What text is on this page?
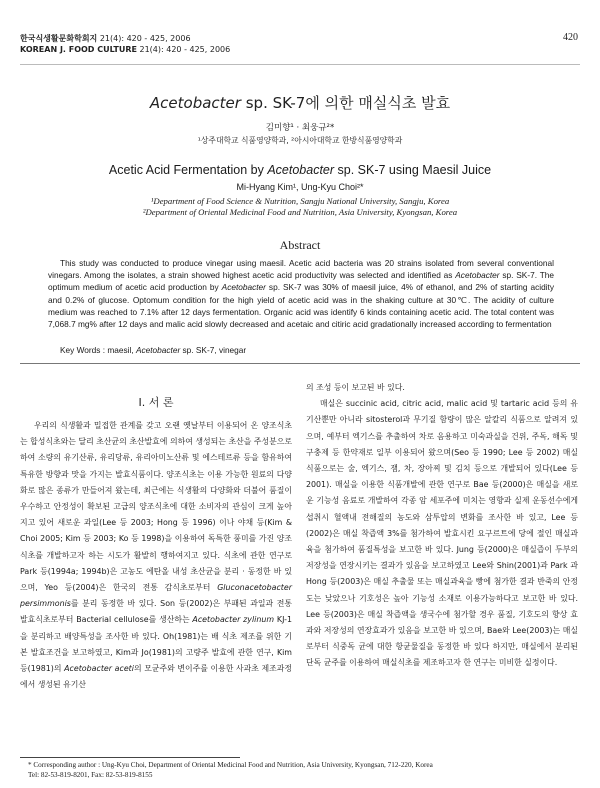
한국식생활문화학회지 21(4): 420 - 425, 2006
KOREAN J. FOOD CULTURE 21(4): 420 - 425, 2006
420
Acetobacter sp. SK-7에 의한 매실식초 발효
김미향¹ · 최웅규²*
¹상주대학교 식품영양학과, ²아시아대학교 한방식품영양학과
Acetic Acid Fermentation by Acetobacter sp. SK-7 using Maesil Juice
Mi-Hyang Kim¹, Ung-Kyu Choi²*
¹Department of Food Science & Nutrition, Sangju National University, Sangju, Korea
²Department of Oriental Medicinal Food and Nutrition, Asia University, Kyongsan, Korea
Abstract

This study was conducted to produce vinegar using maesil. Acetic acid bacteria was 20 strains isolated from several conventional vinegars. Among the isolates, a strain showed highest acetic acid productivity was selected and identified as Acetobacter sp. SK-7. The optimum medium of acetic acid production by Acetobacter sp. SK-7 was 30% of maesil juice, 4% of ethanol, and 2% of starting acidity and 0.2% of glucose. Optomum condition for the high yield of acetic acid was in the shaking culture at 30℃. The acidity of culture medium was reached to 7.1% after 12 days fermentation. Organic acid was identify 6 kinds containing acetic acid. The total content was 7,068.7 mg% after 12 days and malic acid slowly decreased and acetaic and citiric acid gradationally increased according to fermentation

Key Words : maesil, Acetobacter sp. SK-7, vinegar
Ⅰ. 서 론

우리의 식생활과 밀접한 관계를 갖고 오랜 옛날부터 이용되어 온 양조식초는 합성식초와는 달리 초산균의 초산발효에 의하여 생성되는 초산을 주성분으로 하여 소량의 유기산류, 유리당류, 유리아미노산류 및 에스테르류 등을 함유하여 특유한 방향과 맛을 가지는 발효식품이다. 양조식초는 이용 가능한 원료의 다양화로 많은 종류가 만들어져 왔는데, 최근에는 식생활의 다양화와 더불어 품질이 우수하고 안정성이 확보된 고급의 양조식초에 대한 소비자의 관심이 크게 높아지고 있어 새로운 과일(Lee 등 2003; Hong 등 1996) 이나 야채 등(Kim & Choi 2005; Kim 등 2003; Ko 등 1998)을 이용하여 독특한 풍미를 가진 양조식초를 개발하고자 하는 시도가 활발히 행하여지고 있다. 식초에 관한 연구로 Park 등(1994a; 1994b)은 고농도 에탄올 내성 초산균을 분리 · 동정한 바 있으며, Yeo 등(2004)은 한국의 전통 감식초로부터 Gluconacetobacter persimmonis를 분리 동정한 바 있다. Son 등(2002)은 부패된 과일과 전통 발효식초로부터 Bacterial cellulose를 생산하는 Acetobacter zylinum KJ-1을 분리하고 배양특성을 조사한 바 있다. Oh(1981)는 배 식초 제조를 위한 기본 발효조건을 보고하였고, Kim과 Jo(1981)의 고량주 발효에 관한 연구, Kim 등(1981)의 Acetobacter aceti의 모균주와 변이주를 이용한 사과초 제조과정에서 생성된 유기산

의 조성 등이 보고된 바 있다.

매실은 succinic acid, citric acid, malic acid 및 tartaric acid 등의 유기산뿐만 아니라 sitosterol과 무기질 함량이 많은 알칼리 식품으로 알려져 있으며, 예부터 엑기스를 추출하여 차로 음용하고 미숙과실을 건위, 주독, 해독 및 구충제 등 한약재로 일부 이용되어 왔으며(Seo 등 1990; Lee 등 2002) 매실식품으로는 술, 엑기스, 잼, 차, 장아찌 및 김치 등으로 개발되어 있다(Lee 등 2001). 매실을 이용한 식품개발에 관한 연구로 Bae 등(2000)은 매실을 새로운 기능성 음료로 개발하여 각종 암 세포주에 미치는 영향과 실제 운동선수에게 섭취시 혈액내 전해질의 농도와 삼투압의 변화를 조사한 바 있고, Lee 등(2002)은 매실 착즙액 3%를 첨가하여 발효시킨 요구르트에 당에 절인 매실과육을 첨가하여 품질특성을 보고한 바 있다. Jung 등(2000)은 매실즙이 두부의 저장성을 연장시키는 결과가 있음을 보고하였고 Lee와 Shin(2001)과 Park 과 Hong 등(2003)은 매실 추출물 또는 매실과육을 빵에 첨가한 결과 반죽의 안정도는 낮았으나 기호성은 높아 기능성 소재로 이용가능하다고 보고한 바 있다. Lee 등(2003)은 매실 착즙액을 생국수에 첨가할 경우 품질, 기호도의 향상 효과와 저장성의 연장효과가 있음을 보고한 바 있으며, Bae와 Lee(2003)는 매실로부터 식중독 균에 대한 항균물질을 동정한 바 있다 하지만, 매실에서 분리된 단독 균주를 이용하여 매실식초를 제조하고자 한 연구는 미비한 실정이다.

* Corresponding author : Ung-Kyu Choi, Department of Oriental Medicinal Food and Nutrition, Asia University, Kyongsan, 712-220, Korea
Tel: 82-53-819-8201, Fax: 82-53-819-8155
